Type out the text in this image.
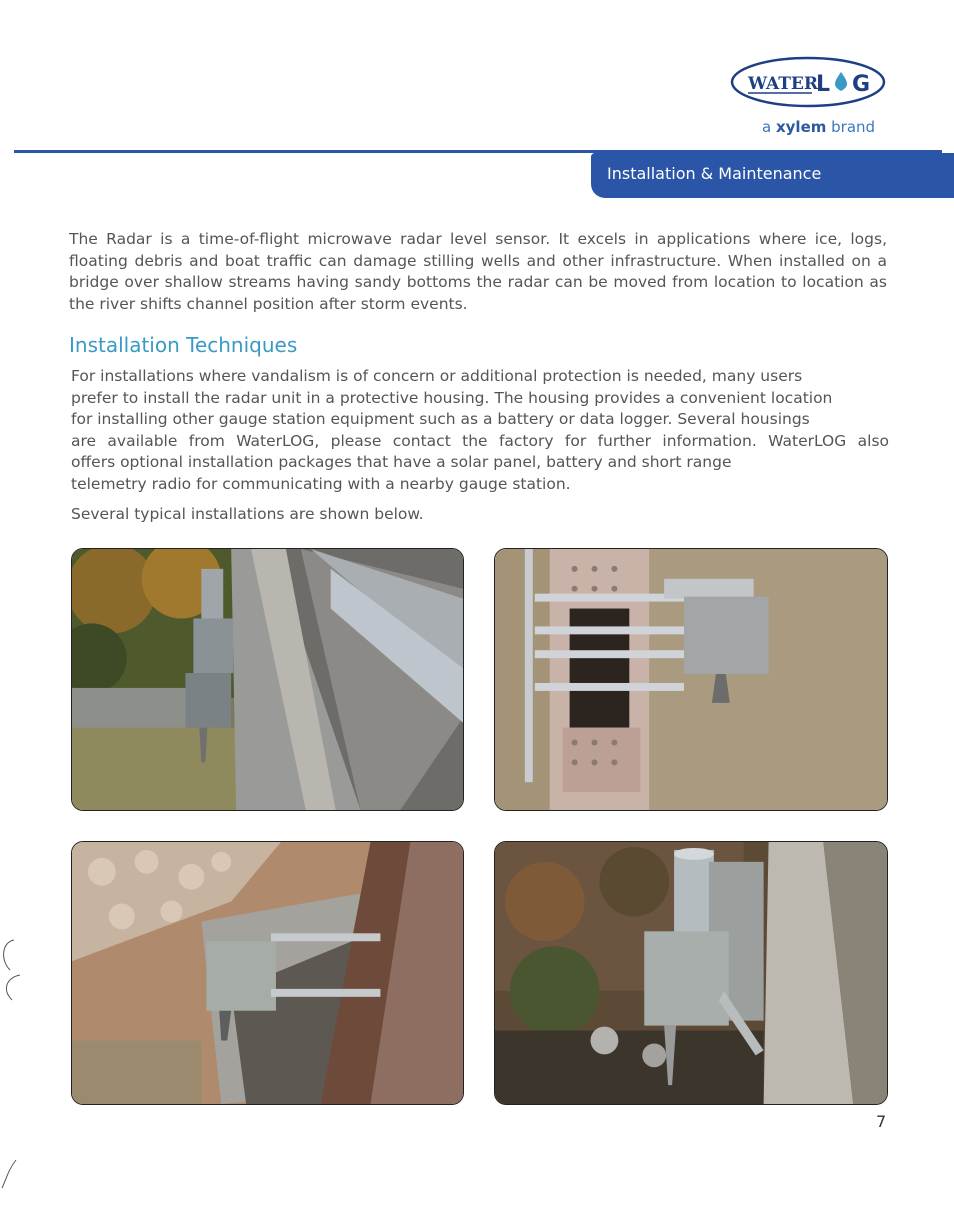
WATER
L G
a xylem brand
Installation & Maintenance

The Radar is a time-of-flight microwave radar level sensor. It excels in applications where ice, logs, floating debris and boat traffic can damage stilling wells and other infrastructure. When installed on a bridge over shallow streams having sandy bottoms the radar can be moved from location to location as the river shifts channel position after storm events.

Installation Techniques

For installations where vandalism is of concern or additional protection is needed, many users
prefer to install the radar unit in a protective housing. The housing provides a convenient location
for installing other gauge station equipment such as a battery or data logger. Several housings
are available from WaterLOG, please contact the factory for further information. WaterLOG also
offers optional installation packages that have a solar panel, battery and short range
telemetry radio for communicating with a nearby gauge station.

Several typical installations are shown below.

7
